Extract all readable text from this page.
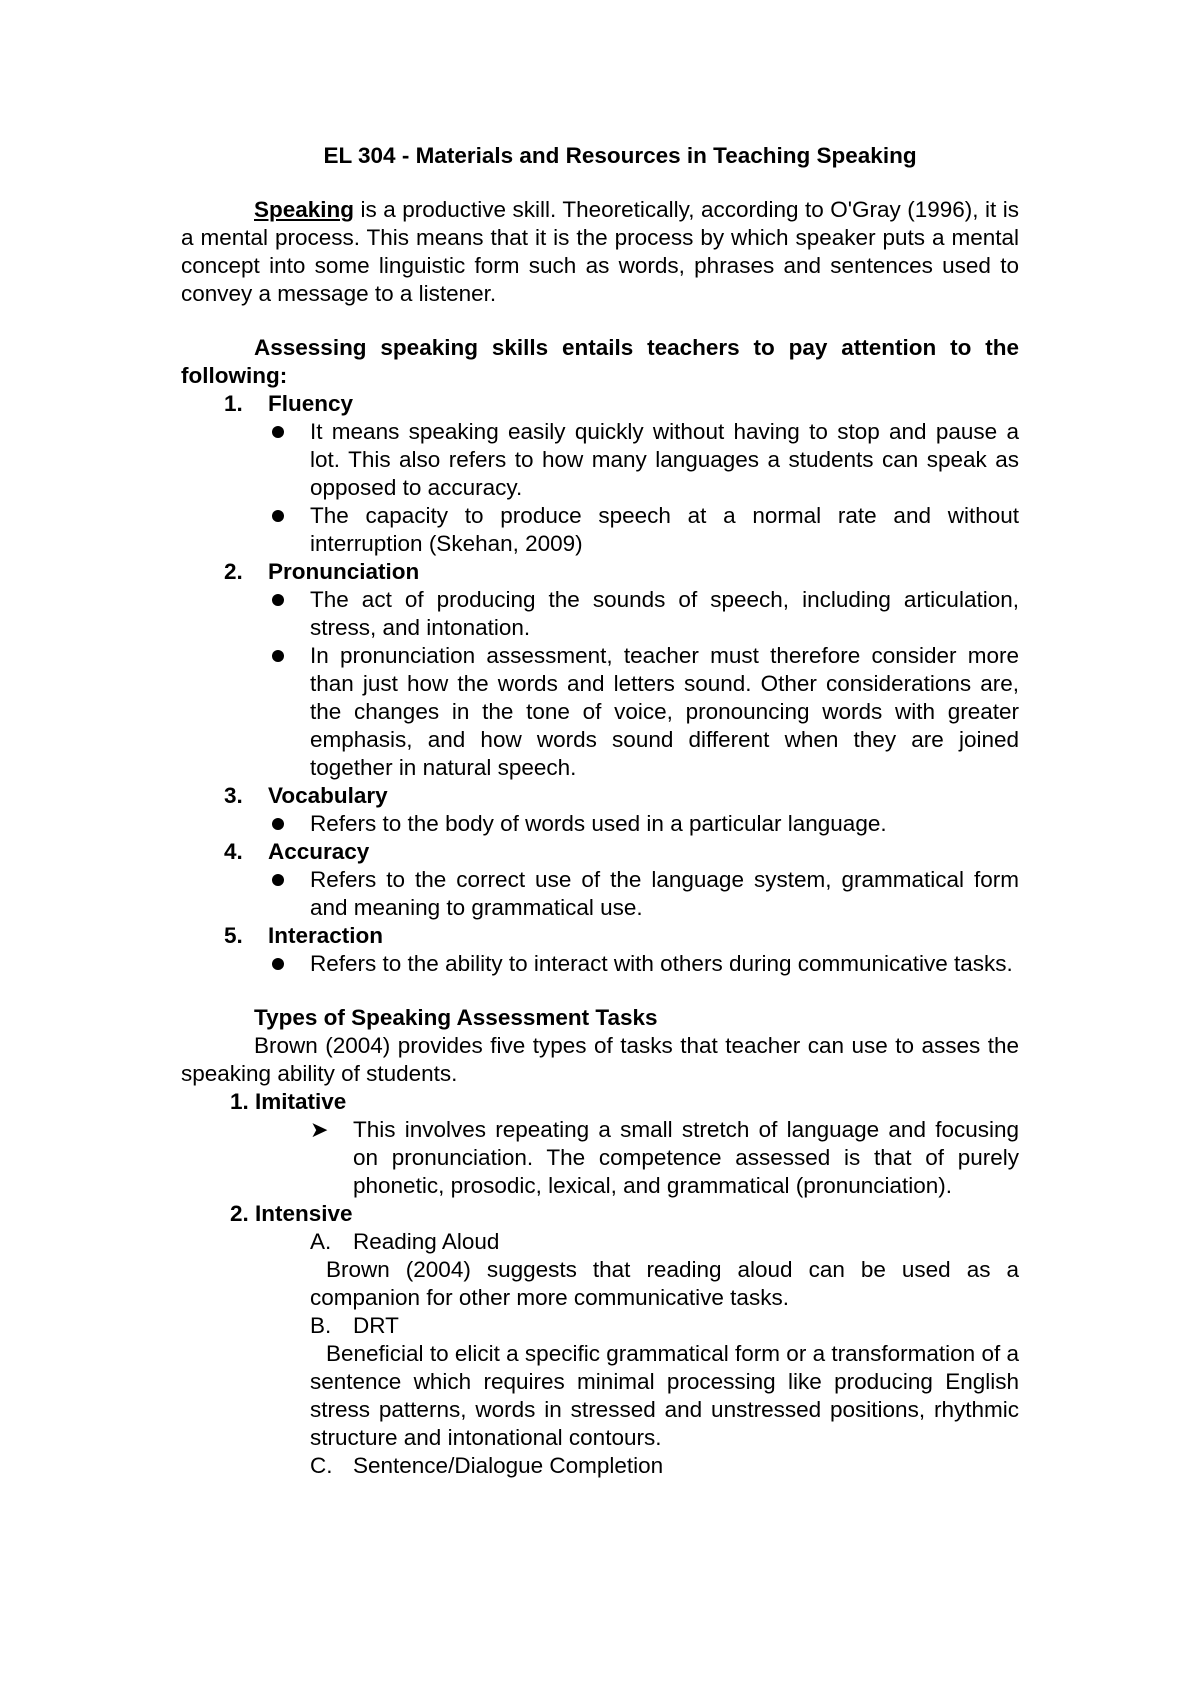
EL 304 - Materials and Resources in Teaching Speaking

Speaking is a productive skill. Theoretically, according to O'Gray (1996), it is a mental process. This means that it is the process by which speaker puts a mental concept into some linguistic form such as words, phrases and sentences used to convey a message to a listener.

Assessing speaking skills entails teachers to pay attention to the following:

1. Fluency

It means speaking easily quickly without having to stop and pause a lot. This also refers to how many languages a students can speak as opposed to accuracy.

The capacity to produce speech at a normal rate and without interruption (Skehan, 2009)

2. Pronunciation

The act of producing the sounds of speech, including articulation, stress, and intonation.

In pronunciation assessment, teacher must therefore consider more than just how the words and letters sound. Other considerations are, the changes in the tone of voice, pronouncing words with greater emphasis, and how words sound different when they are joined together in natural speech.

3. Vocabulary

Refers to the body of words used in a particular language.

4. Accuracy

Refers to the correct use of the language system, grammatical form and meaning to grammatical use.

5. Interaction

Refers to the ability to interact with others during communicative tasks.

Types of Speaking Assessment Tasks

Brown (2004) provides five types of tasks that teacher can use to asses the speaking ability of students.

1. Imitative

➤ This involves repeating a small stretch of language and focusing on pronunciation. The competence assessed is that of purely phonetic, prosodic, lexical, and grammatical (pronunciation).

2. Intensive

A. Reading Aloud

Brown (2004) suggests that reading aloud can be used as a companion for other more communicative tasks.

B. DRT

Beneficial to elicit a specific grammatical form or a transformation of a sentence which requires minimal processing like producing English stress patterns, words in stressed and unstressed positions, rhythmic structure and intonational contours.

C. Sentence/Dialogue Completion
